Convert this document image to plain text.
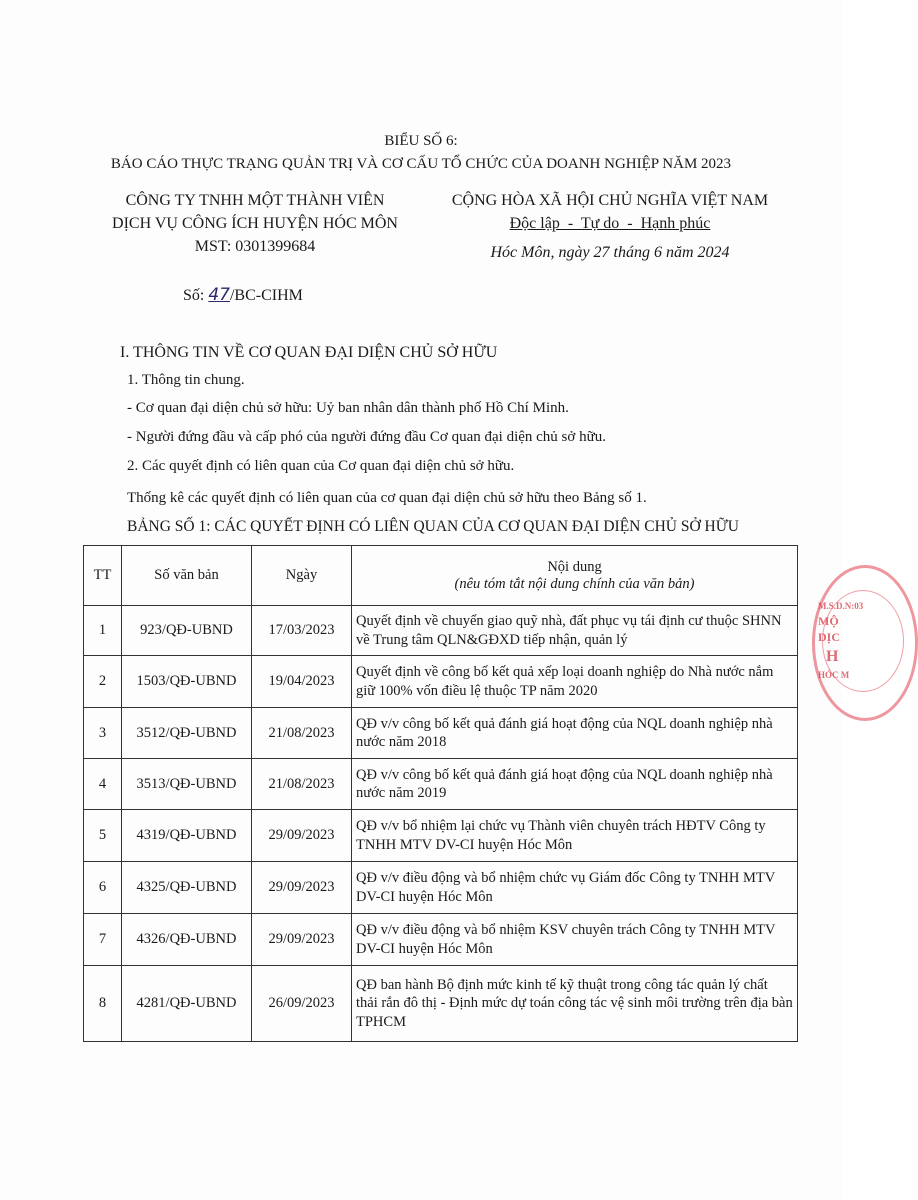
BIỂU SỐ 6:
BÁO CÁO THỰC TRẠNG QUẢN TRỊ VÀ CƠ CẤU TỔ CHỨC CỦA DOANH NGHIỆP NĂM 2023
CÔNG TY TNHH MỘT THÀNH VIÊN
DỊCH VỤ CÔNG ÍCH HUYỆN HÓC MÔN
MST: 0301399684
Số: 47/BC-CIHM
CỘNG HÒA XÃ HỘI CHỦ NGHĨA VIỆT NAM
Độc lập  -  Tự do  -  Hạnh phúc
Hóc Môn, ngày 27 tháng 6 năm 2024
I. THÔNG TIN VỀ CƠ QUAN ĐẠI DIỆN CHỦ SỞ HỮU
1. Thông tin chung.
- Cơ quan đại diện chủ sở hữu: Uỷ ban nhân dân thành phố Hồ Chí Minh.
- Người đứng đầu và cấp phó của người đứng đầu Cơ quan đại diện chủ sở hữu.
2. Các quyết định có liên quan của Cơ quan đại diện chủ sở hữu.
Thống kê các quyết định có liên quan của cơ quan đại diện chủ sở hữu theo Bảng số 1.
BẢNG SỐ 1: CÁC QUYẾT ĐỊNH CÓ LIÊN QUAN CỦA CƠ QUAN ĐẠI DIỆN CHỦ SỞ HỮU
TT	Số văn bản	Ngày	Nội dung
(nêu tóm tắt nội dung chính của văn bản)

1	923/QĐ-UBND	17/03/2023	Quyết định về chuyển giao quỹ nhà, đất phục vụ tái định cư thuộc SHNN về Trung tâm QLN&GĐXD tiếp nhận, quản lý
2	1503/QĐ-UBND	19/04/2023	Quyết định về công bố kết quả xếp loại doanh nghiệp do Nhà nước nắm giữ 100% vốn điều lệ thuộc TP năm 2020
3	3512/QĐ-UBND	21/08/2023	QĐ v/v công bố kết quả đánh giá hoạt động của NQL doanh nghiệp nhà nước năm 2018
4	3513/QĐ-UBND	21/08/2023	QĐ v/v công bố kết quả đánh giá hoạt động của NQL doanh nghiệp nhà nước năm 2019
5	4319/QĐ-UBND	29/09/2023	QĐ v/v bổ nhiệm lại chức vụ Thành viên chuyên trách HĐTV Công ty TNHH MTV DV-CI huyện Hóc Môn
6	4325/QĐ-UBND	29/09/2023	QĐ v/v điều động và bổ nhiệm chức vụ Giám đốc Công ty TNHH MTV DV-CI huyện Hóc Môn
7	4326/QĐ-UBND	29/09/2023	QĐ v/v điều động và bổ nhiệm KSV chuyên trách Công ty TNHH MTV DV-CI huyện Hóc Môn
8	4281/QĐ-UBND	26/09/2023	QĐ ban hành Bộ định mức kinh tế kỹ thuật trong công tác quản lý chất thải rắn đô thị - Định mức dự toán công tác vệ sinh môi trường trên địa bàn TPHCM
M.S.D.N:03
MỘ
DỊC
H
HÓC M
